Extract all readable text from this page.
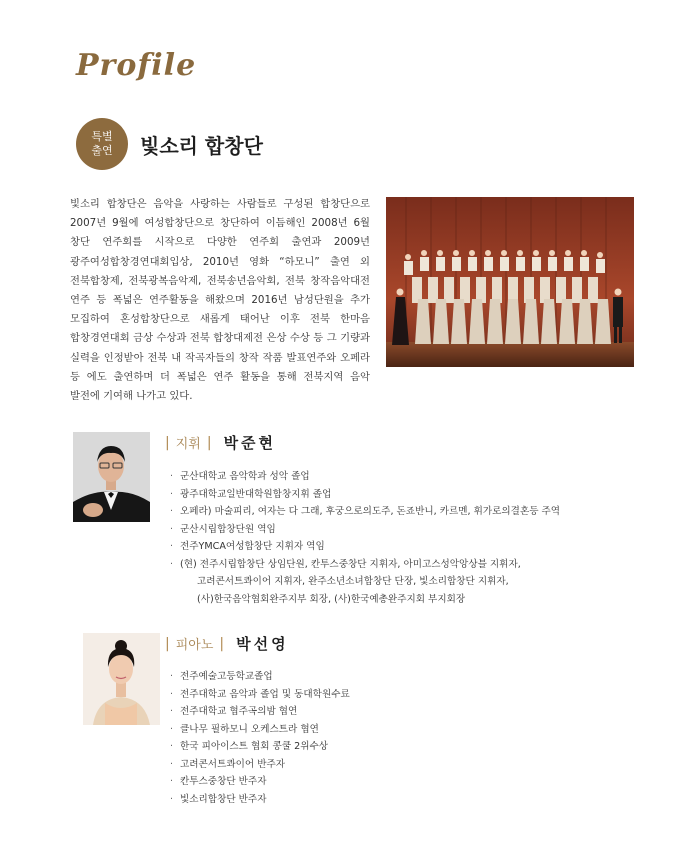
Profile
특별
출연 빛소리 합창단
빛소리 합창단은 음악을 사랑하는 사람들로 구성된 합창단으로 2007년 9월에 여성합창단으로 창단하여 이듬해인 2008년 6월 창단 연주회를 시작으로 다양한 연주회 출연과 2009년 광주여성합창경연대회입상, 2010년 영화 “하모니” 출연 외 전북합창제, 전북광복음악제, 전북송년음악회, 전북 창작음악대전 연주 등 폭넓은 연주활동을 해왔으며 2016년 남성단원을 추가 모집하여 혼성합창단으로 새롭게 태어난 이후 전북 한마음 합창경연대회 금상 수상과 전북 합창대제전 은상 수상 등 그 기량과 실력을 인정받아 전북 내 작곡자들의 창작 작품 발표연주와 오페라 등 에도 출연하며 더 폭넓은 연주 활동을 통해 전북지역 음악 발전에 기여해 나가고 있다.
| 지휘 | 박준현
· 군산대학교 음악학과 성악 졸업
· 광주대학교일반대학원합창지휘 졸업
· 오페라) 마술피리, 여자는 다 그래, 후궁으로의도주, 돈죠반니, 카르멘, 휘가로의결혼등 주역
· 군산시립합창단원 역임
· 전주YMCA여성합창단 지휘자 역임
· (현) 전주시립합창단 상임단원, 칸투스중창단 지휘자, 아미고스성악앙상블 지휘자,
고려콘서트콰이어 지휘자, 완주소년소녀합창단 단장, 빛소리합창단 지휘자,
(사)한국음악협회완주지부 회장, (사)한국예총완주지회 부지회장
| 피아노 | 박선영
· 전주예술고등학교졸업
· 전주대학교 음악과 졸업 및 동대학원수료
· 전주대학교 협주곡의밤 협연
· 클나무 필하모니 오케스트라 협연
· 한국 피아이스트 협회 콩쿨 2위수상
· 고려콘서트콰이어 반주자
· 칸투스중창단 반주자
· 빛소리합창단 반주자
